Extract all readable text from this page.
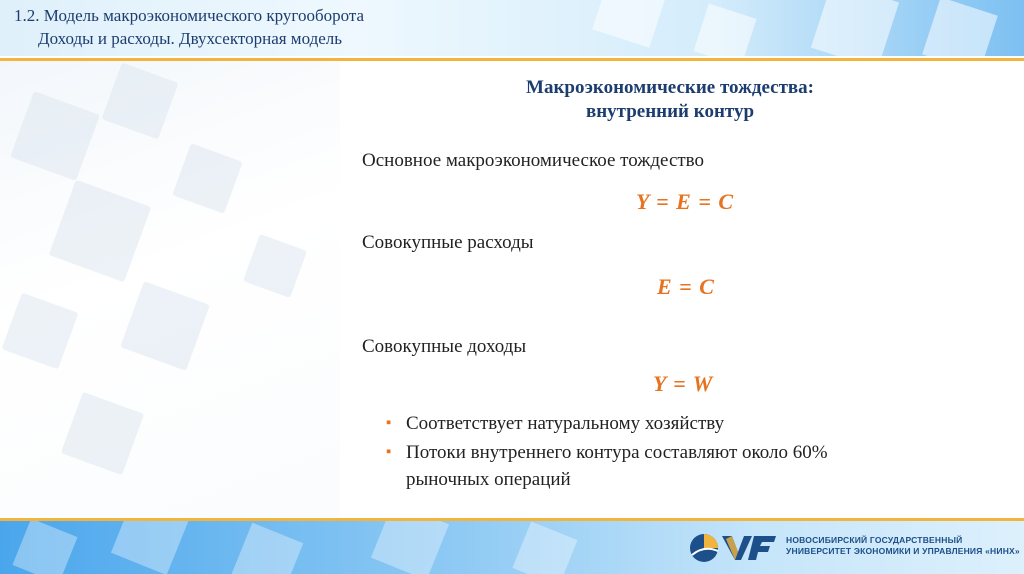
1.2. Модель макроэкономического кругооборота
Доходы и расходы. Двухсекторная модель
Макроэкономические тождества:
внутренний контур
Основное макроэкономическое тождество
Y = E = C
Совокупные расходы
E = C
Совокупные доходы
Y = W
▪ Соответствует натуральному хозяйству
▪ Потоки внутреннего контура составляют около 60%
рыночных операций
НОВОСИБИРСКИЙ ГОСУДАРСТВЕННЫЙ
УНИВЕРСИТЕТ ЭКОНОМИКИ И УПРАВЛЕНИЯ «НИНХ»
